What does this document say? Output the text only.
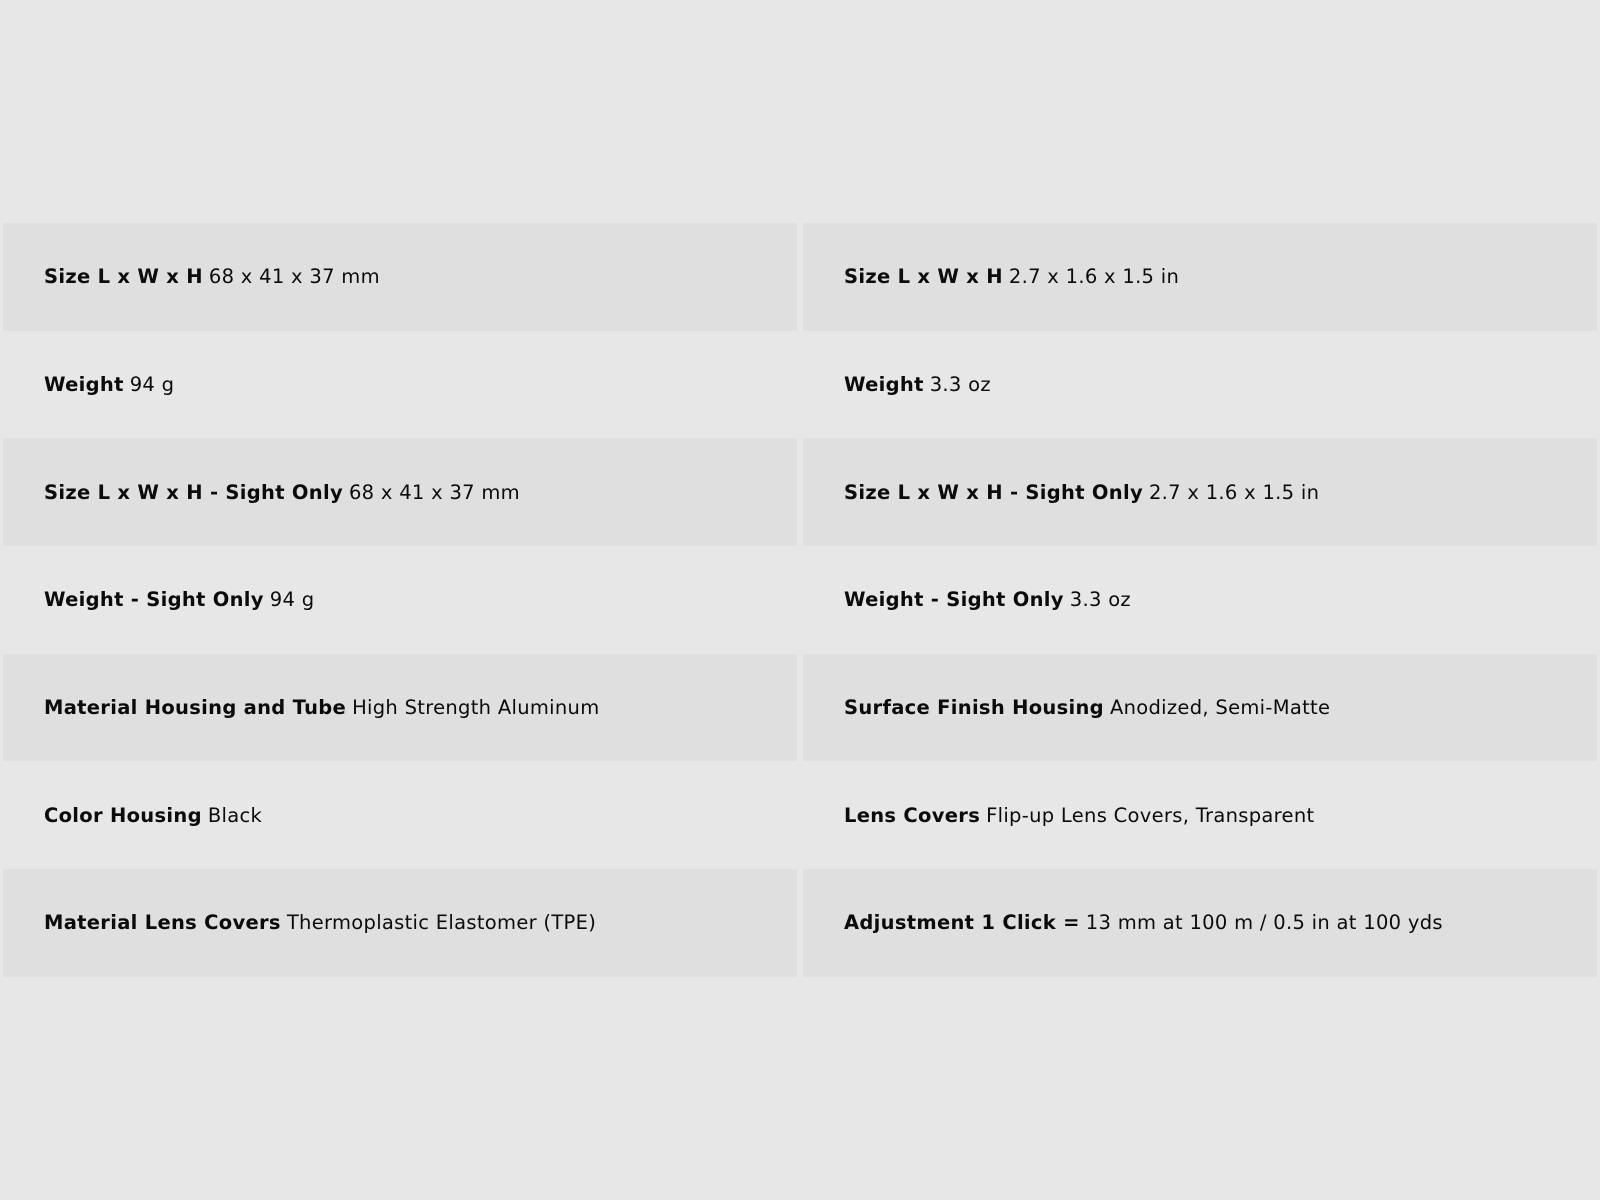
Size L x W x H 68 x 41 x 37 mm	Size L x W x H 2.7 x 1.6 x 1.5 in
Weight 94 g	Weight 3.3 oz
Size L x W x H - Sight Only 68 x 41 x 37 mm	Size L x W x H - Sight Only 2.7 x 1.6 x 1.5 in
Weight - Sight Only 94 g	Weight - Sight Only 3.3 oz
Material Housing and Tube High Strength Aluminum	Surface Finish Housing Anodized, Semi-Matte
Color Housing Black	Lens Covers Flip-up Lens Covers, Transparent
Material Lens Covers Thermoplastic Elastomer (TPE)	Adjustment 1 Click = 13 mm at 100 m / 0.5 in at 100 yds
